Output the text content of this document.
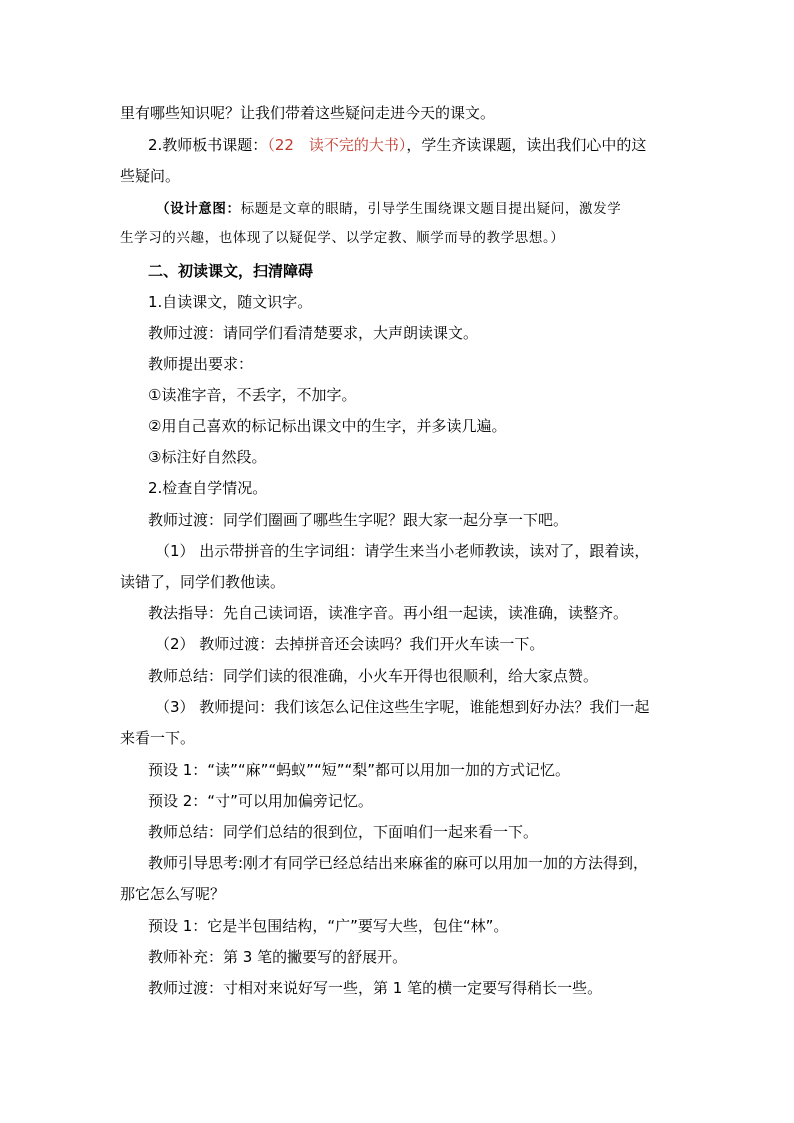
里有哪些知识呢？让我们带着这些疑问走进今天的课文。
2.教师板书课题：（22　读不完的大书），学生齐读课题，读出我们心中的这
些疑问。
（设计意图：标题是文章的眼睛，引导学生围绕课文题目提出疑问，激发学
生学习的兴趣，也体现了以疑促学、以学定教、顺学而导的教学思想。）
二、初读课文，扫清障碍
1.自读课文，随文识字。
教师过渡：请同学们看清楚要求，大声朗读课文。
教师提出要求：
①读准字音，不丢字，不加字。
②用自己喜欢的标记标出课文中的生字，并多读几遍。
③标注好自然段。
2.检查自学情况。
教师过渡：同学们圈画了哪些生字呢？跟大家一起分享一下吧。
（1） 出示带拼音的生字词组：请学生来当小老师教读，读对了，跟着读，
读错了，同学们教他读。
教法指导：先自己读词语，读准字音。再小组一起读，读准确，读整齐。
（2） 教师过渡：去掉拼音还会读吗？我们开火车读一下。
教师总结：同学们读的很准确，小火车开得也很顺利，给大家点赞。
（3） 教师提问：我们该怎么记住这些生字呢，谁能想到好办法？我们一起
来看一下。
预设 1：“读”“麻”“蚂蚁”“短”“梨”都可以用加一加的方式记忆。
预设 2：“寸”可以用加偏旁记忆。
教师总结：同学们总结的很到位，下面咱们一起来看一下。
教师引导思考:刚才有同学已经总结出来麻雀的麻可以用加一加的方法得到，
那它怎么写呢？
预设 1：它是半包围结构，“广”要写大些，包住“林”。
教师补充：第 3 笔的撇要写的舒展开。
教师过渡：寸相对来说好写一些，第 1 笔的横一定要写得稍长一些。
